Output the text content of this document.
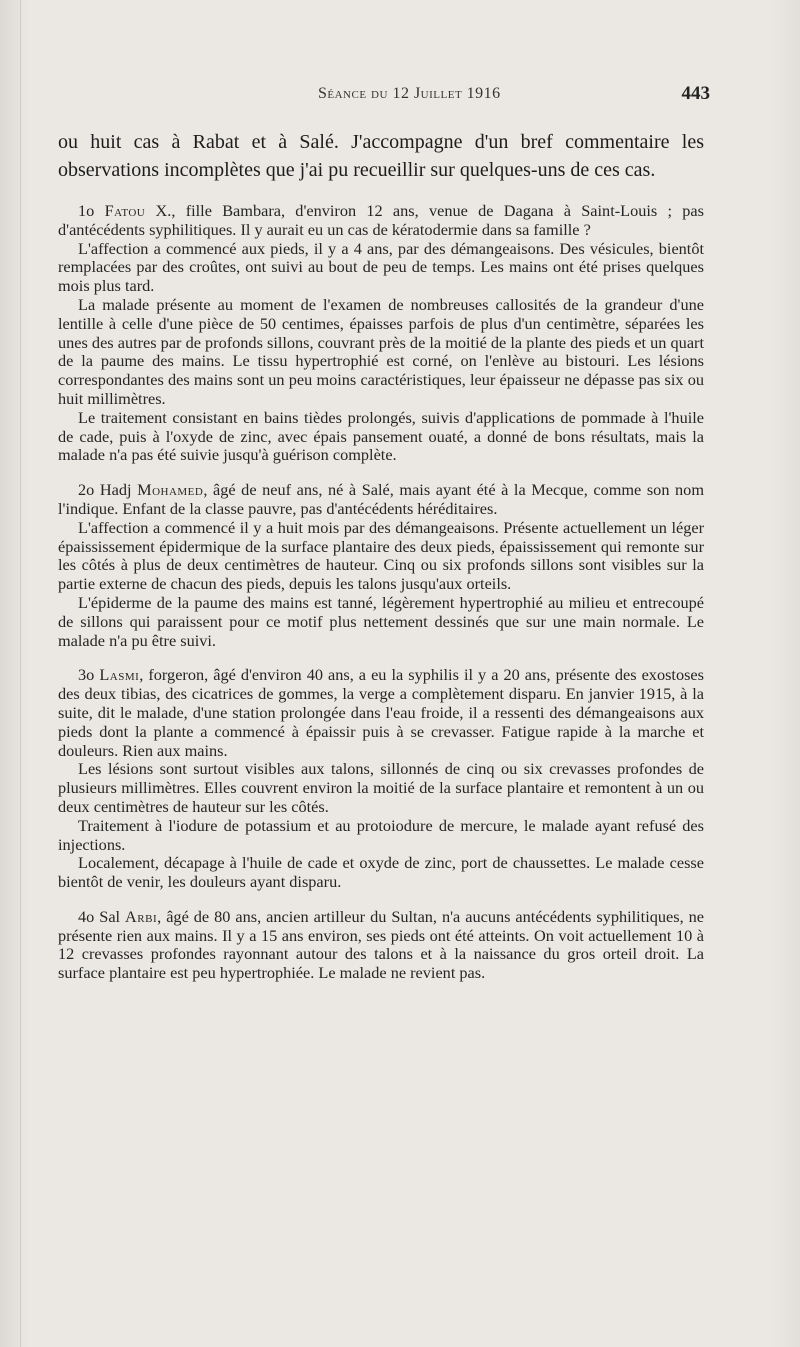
Séance du 12 Juillet 1916	443

ou huit cas à Rabat et à Salé. J'accompagne d'un bref commentaire les observations incomplètes que j'ai pu recueillir sur quelques-uns de ces cas.

1o Fatou X., fille Bambara, d'environ 12 ans, venue de Dagana à Saint-Louis ; pas d'antécédents syphilitiques. Il y aurait eu un cas de kératodermie dans sa famille ?

L'affection a commencé aux pieds, il y a 4 ans, par des démangeaisons. Des vésicules, bientôt remplacées par des croûtes, ont suivi au bout de peu de temps. Les mains ont été prises quelques mois plus tard.

La malade présente au moment de l'examen de nombreuses callosités de la grandeur d'une lentille à celle d'une pièce de 50 centimes, épaisses parfois de plus d'un centimètre, séparées les unes des autres par de profonds sillons, couvrant près de la moitié de la plante des pieds et un quart de la paume des mains. Le tissu hypertrophié est corné, on l'enlève au bistouri. Les lésions correspondantes des mains sont un peu moins caractéristiques, leur épaisseur ne dépasse pas six ou huit millimètres.

Le traitement consistant en bains tièdes prolongés, suivis d'applications de pommade à l'huile de cade, puis à l'oxyde de zinc, avec épais pansement ouaté, a donné de bons résultats, mais la malade n'a pas été suivie jusqu'à guérison complète.

2o Hadj Mohamed, âgé de neuf ans, né à Salé, mais ayant été à la Mecque, comme son nom l'indique. Enfant de la classe pauvre, pas d'antécédents héréditaires.

L'affection a commencé il y a huit mois par des démangeaisons. Présente actuellement un léger épaississement épidermique de la surface plantaire des deux pieds, épaississement qui remonte sur les côtés à plus de deux centimètres de hauteur. Cinq ou six profonds sillons sont visibles sur la partie externe de chacun des pieds, depuis les talons jusqu'aux orteils.

L'épiderme de la paume des mains est tanné, légèrement hypertrophié au milieu et entrecoupé de sillons qui paraissent pour ce motif plus nettement dessinés que sur une main normale. Le malade n'a pu être suivi.

3o Lasmi, forgeron, âgé d'environ 40 ans, a eu la syphilis il y a 20 ans, présente des exostoses des deux tibias, des cicatrices de gommes, la verge a complètement disparu. En janvier 1915, à la suite, dit le malade, d'une station prolongée dans l'eau froide, il a ressenti des démangeaisons aux pieds dont la plante a commencé à épaissir puis à se crevasser. Fatigue rapide à la marche et douleurs. Rien aux mains.

Les lésions sont surtout visibles aux talons, sillonnés de cinq ou six crevasses profondes de plusieurs millimètres. Elles couvrent environ la moitié de la surface plantaire et remontent à un ou deux centimètres de hauteur sur les côtés.

Traitement à l'iodure de potassium et au protoiodure de mercure, le malade ayant refusé des injections.

Localement, décapage à l'huile de cade et oxyde de zinc, port de chaussettes. Le malade cesse bientôt de venir, les douleurs ayant disparu.

4o Sal Arbi, âgé de 80 ans, ancien artilleur du Sultan, n'a aucuns antécédents syphilitiques, ne présente rien aux mains. Il y a 15 ans environ, ses pieds ont été atteints. On voit actuellement 10 à 12 crevasses profondes rayonnant autour des talons et à la naissance du gros orteil droit. La surface plantaire est peu hypertrophiée. Le malade ne revient pas.
